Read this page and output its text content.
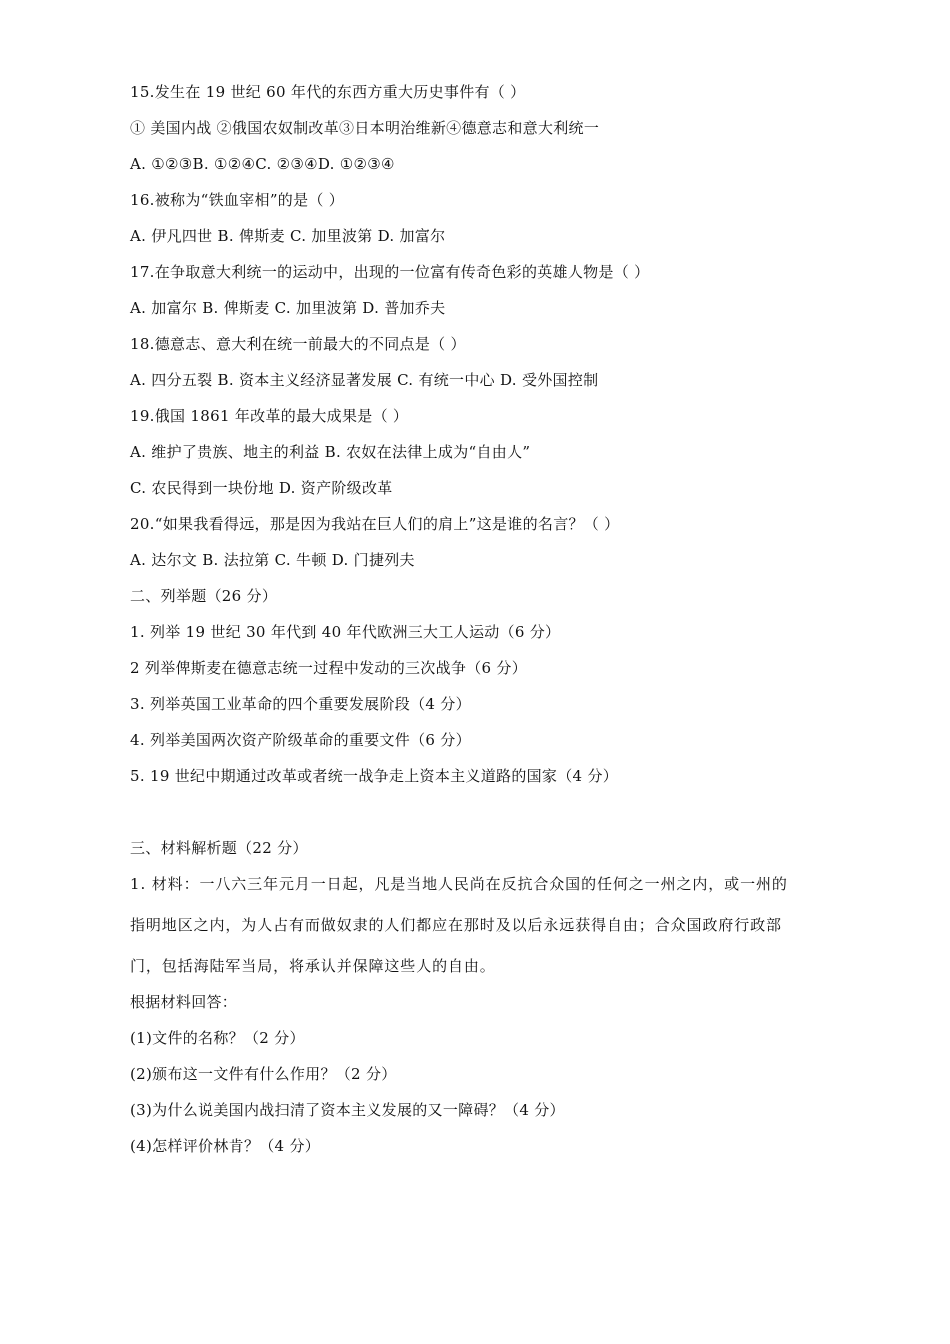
15.发生在 19 世纪 60 年代的东西方重大历史事件有（ ）
① 美国内战 ②俄国农奴制改革③日本明治维新④德意志和意大利统一
A. ①②③B. ①②④C. ②③④D. ①②③④
16.被称为“铁血宰相”的是（ ）
A. 伊凡四世 B. 俾斯麦 C. 加里波第 D. 加富尔
17.在争取意大利统一的运动中，出现的一位富有传奇色彩的英雄人物是（ ）
A. 加富尔 B. 俾斯麦 C. 加里波第 D. 普加乔夫
18.德意志、意大利在统一前最大的不同点是（ ）
A. 四分五裂 B. 资本主义经济显著发展 C. 有统一中心 D. 受外国控制
19.俄国 1861 年改革的最大成果是（ ）
A. 维护了贵族、地主的利益 B. 农奴在法律上成为“自由人”
C. 农民得到一块份地 D. 资产阶级改革
20.“如果我看得远，那是因为我站在巨人们的肩上”这是谁的名言？（ ）
A. 达尔文 B. 法拉第 C. 牛顿 D. 门捷列夫
二、列举题（26 分）
1. 列举 19 世纪 30 年代到 40 年代欧洲三大工人运动（6 分）
2 列举俾斯麦在德意志统一过程中发动的三次战争（6 分）
3. 列举英国工业革命的四个重要发展阶段（4 分）
4. 列举美国两次资产阶级革命的重要文件（6 分）
5. 19 世纪中期通过改革或者统一战争走上资本主义道路的国家（4 分）
三、材料解析题（22 分）
1. 材料：一八六三年元月一日起，凡是当地人民尚在反抗合众国的任何之一州之内，或一州的
指明地区之内，为人占有而做奴隶的人们都应在那时及以后永远获得自由；合众国政府行政部
门，包括海陆军当局，将承认并保障这些人的自由。
根据材料回答：
(1)文件的名称？（2 分）
(2)颁布这一文件有什么作用？（2 分）
(3)为什么说美国内战扫清了资本主义发展的又一障碍？（4 分）
(4)怎样评价林肯？（4 分）
